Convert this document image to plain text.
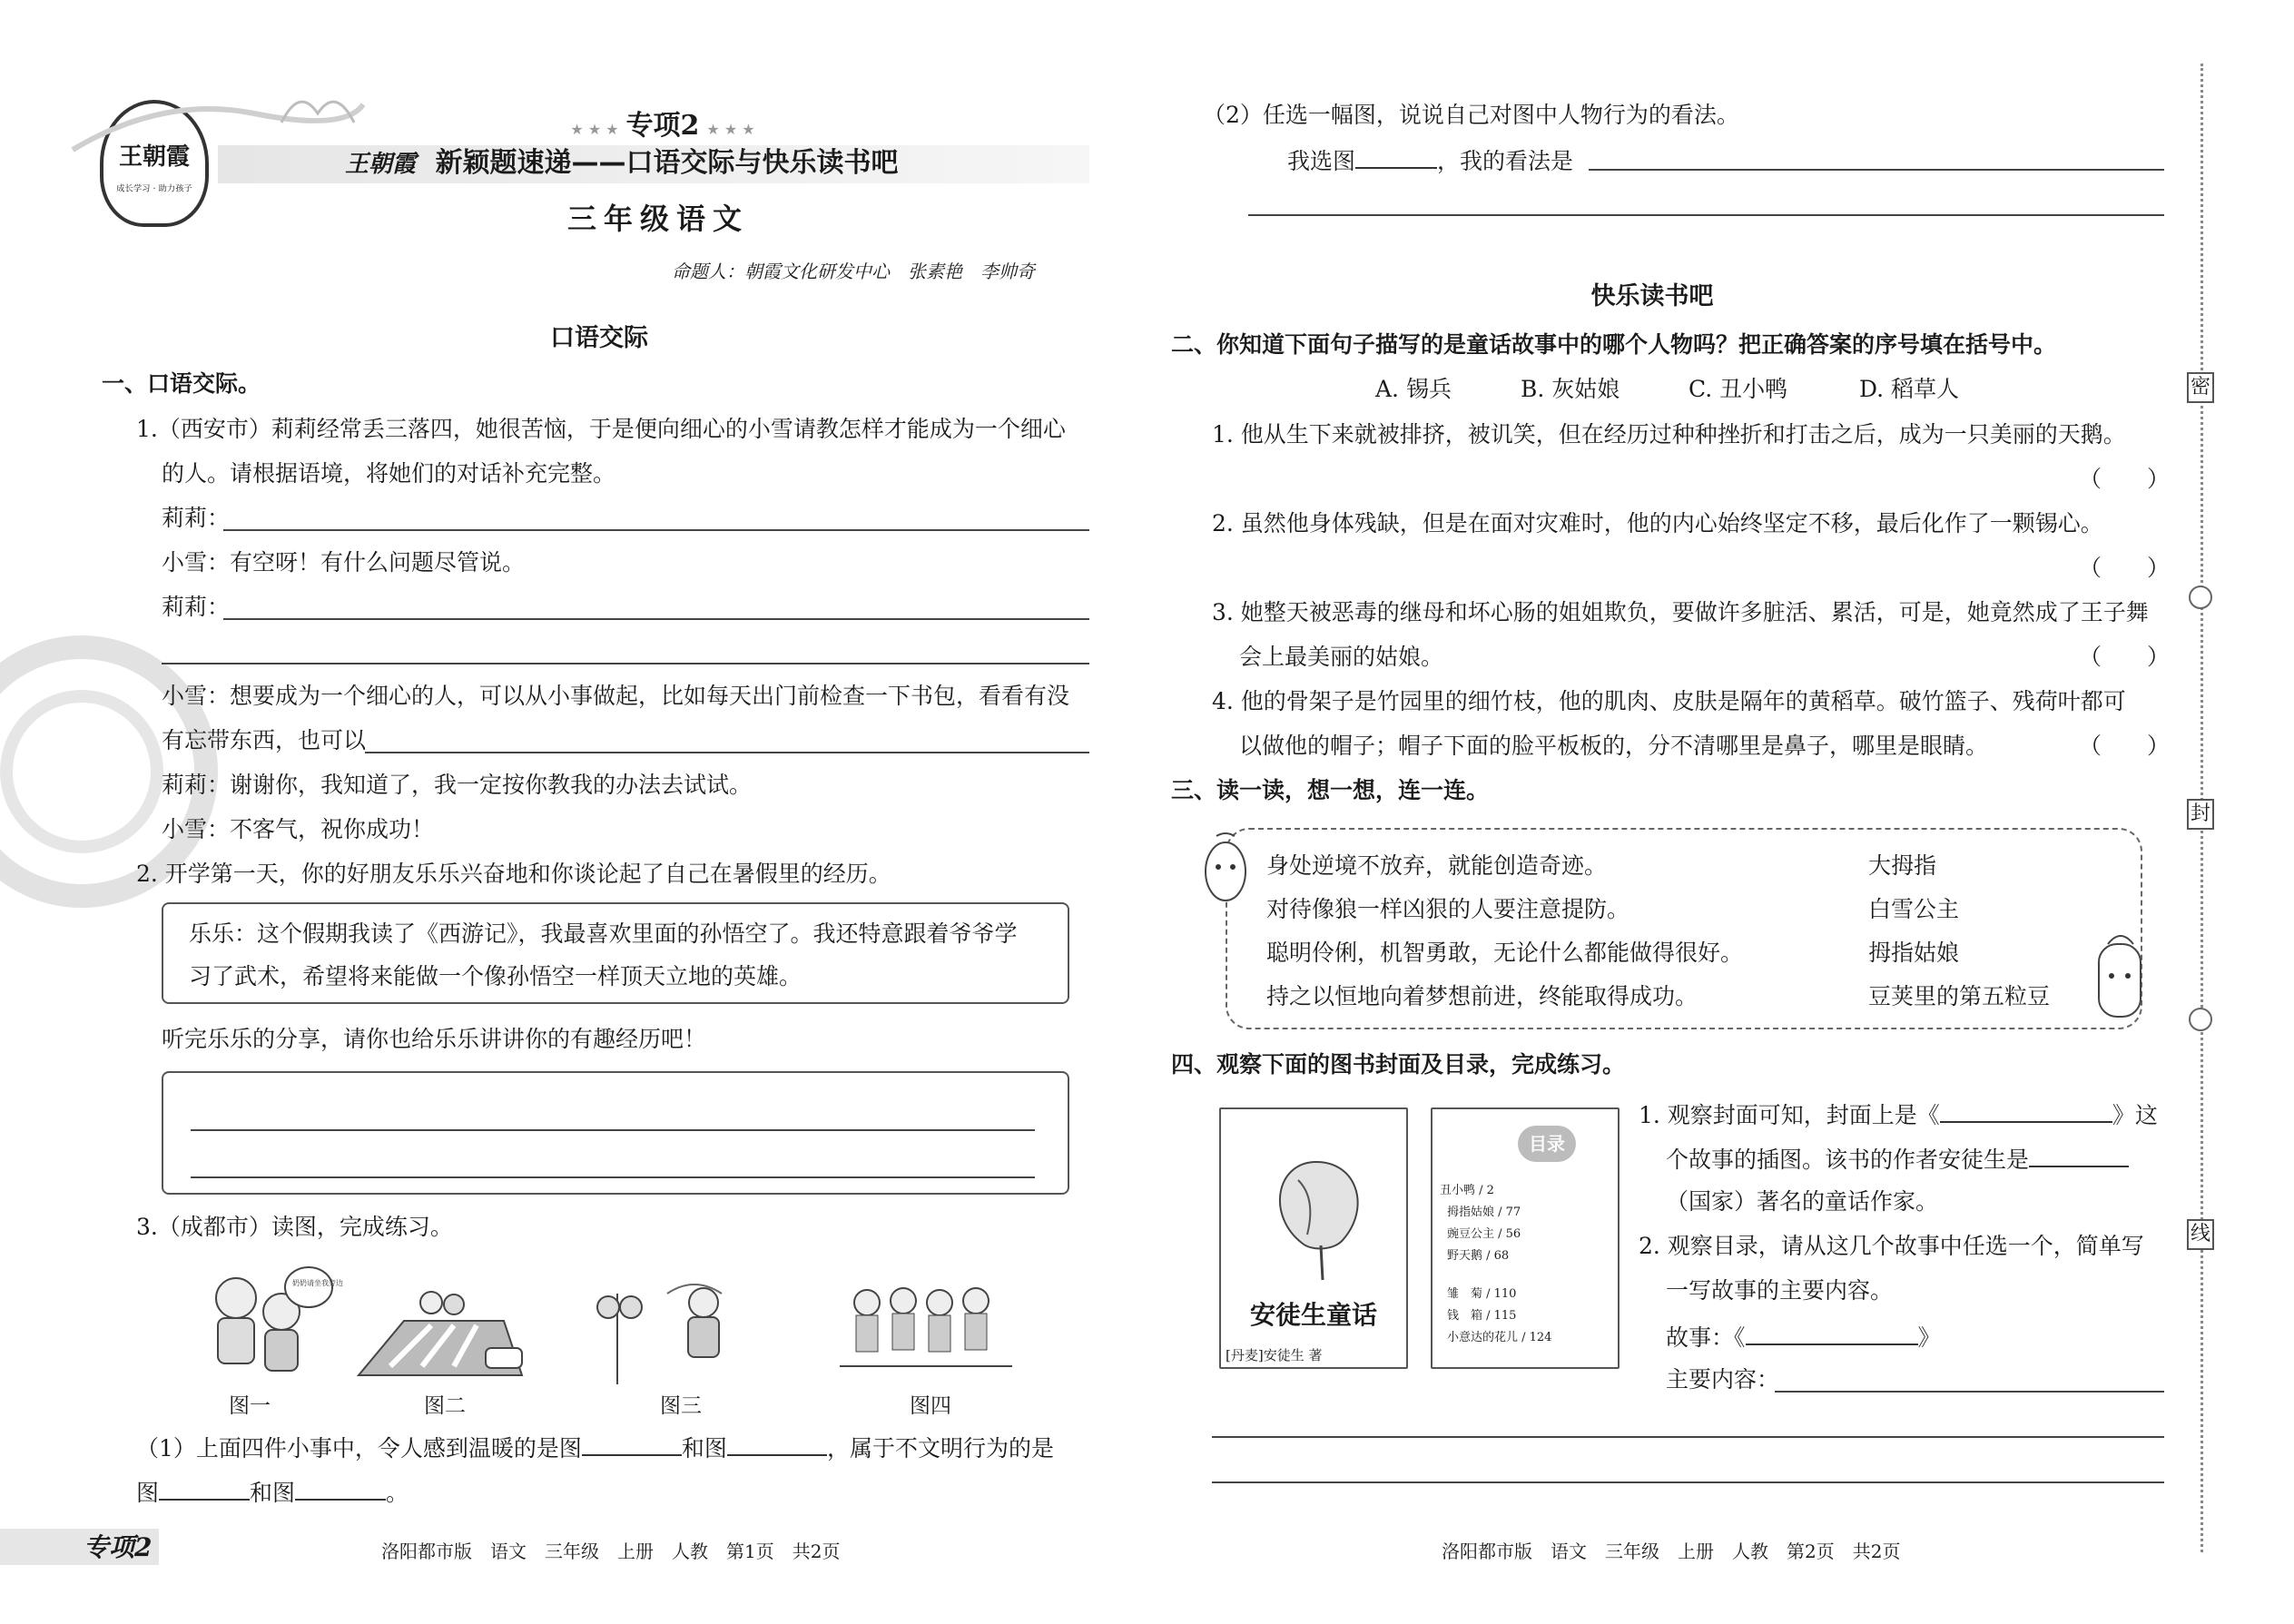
王朝霞
成长学习 · 助力孩子
★ ★ ★ 专项2 ★ ★ ★
王朝霞 新颖题速递——口语交际与快乐读书吧
三年级语文
命题人：朝霞文化研发中心　张素艳　李帅奇
口语交际
一、口语交际。
1.（西安市）莉莉经常丢三落四，她很苦恼，于是便向细心的小雪请教怎样才能成为一个细心
的人。请根据语境，将她们的对话补充完整。
莉莉：
小雪：有空呀！有什么问题尽管说。
莉莉：
小雪：想要成为一个细心的人，可以从小事做起，比如每天出门前检查一下书包，看看有没
有忘带东西，也可以
莉莉：谢谢你，我知道了，我一定按你教我的办法去试试。
小雪：不客气，祝你成功！
2. 开学第一天，你的好朋友乐乐兴奋地和你谈论起了自己在暑假里的经历。
乐乐：这个假期我读了《西游记》，我最喜欢里面的孙悟空了。我还特意跟着爷爷学
习了武术，希望将来能做一个像孙悟空一样顶天立地的英雄。
听完乐乐的分享，请你也给乐乐讲讲你的有趣经历吧！
3.（成都市）读图，完成练习。
奶奶请坐我旁边
图一	图二	图三	图四
（1）上面四件小事中，令人感到温暖的是图	和图	，属于不文明行为的是
图	和图	。
专项2	洛阳都市版　语文　三年级　上册　人教　第1页　共2页
（2）任选一幅图，说说自己对图中人物行为的看法。
我选图	，我的看法是
快乐读书吧
二、你知道下面句子描写的是童话故事中的哪个人物吗？把正确答案的序号填在括号中。
A. 锡兵	B. 灰姑娘	C. 丑小鸭	D. 稻草人
1. 他从生下来就被排挤，被讥笑，但在经历过种种挫折和打击之后，成为一只美丽的天鹅。
（　　）
2. 虽然他身体残缺，但是在面对灾难时，他的内心始终坚定不移，最后化作了一颗锡心。
（　　）
3. 她整天被恶毒的继母和坏心肠的姐姐欺负，要做许多脏活、累活，可是，她竟然成了王子舞
会上最美丽的姑娘。	（　　）
4. 他的骨架子是竹园里的细竹枝，他的肌肉、皮肤是隔年的黄稻草。破竹篮子、残荷叶都可
以做他的帽子；帽子下面的脸平板板的，分不清哪里是鼻子，哪里是眼睛。	（　　）
三、读一读，想一想，连一连。
身处逆境不放弃，就能创造奇迹。
对待像狼一样凶狠的人要注意提防。
聪明伶俐，机智勇敢，无论什么都能做得很好。
持之以恒地向着梦想前进，终能取得成功。
大拇指
白雪公主
拇指姑娘
豆荚里的第五粒豆
四、观察下面的图书封面及目录，完成练习。
安徒生童话
[丹麦]安徒生 著
目录
丑小鸭 / 2
拇指姑娘 / 77
豌豆公主 / 56
野天鹅 / 68
雏　菊 / 110
钱　箱 / 115
小意达的花儿 / 124
1. 观察封面可知，封面上是《	》这
个故事的插图。该书的作者安徒生是
（国家）著名的童话作家。
2. 观察目录，请从这几个故事中任选一个，简单写
一写故事的主要内容。
故事：《	》
主要内容：
洛阳都市版　语文　三年级　上册　人教　第2页　共2页
密
封
线
